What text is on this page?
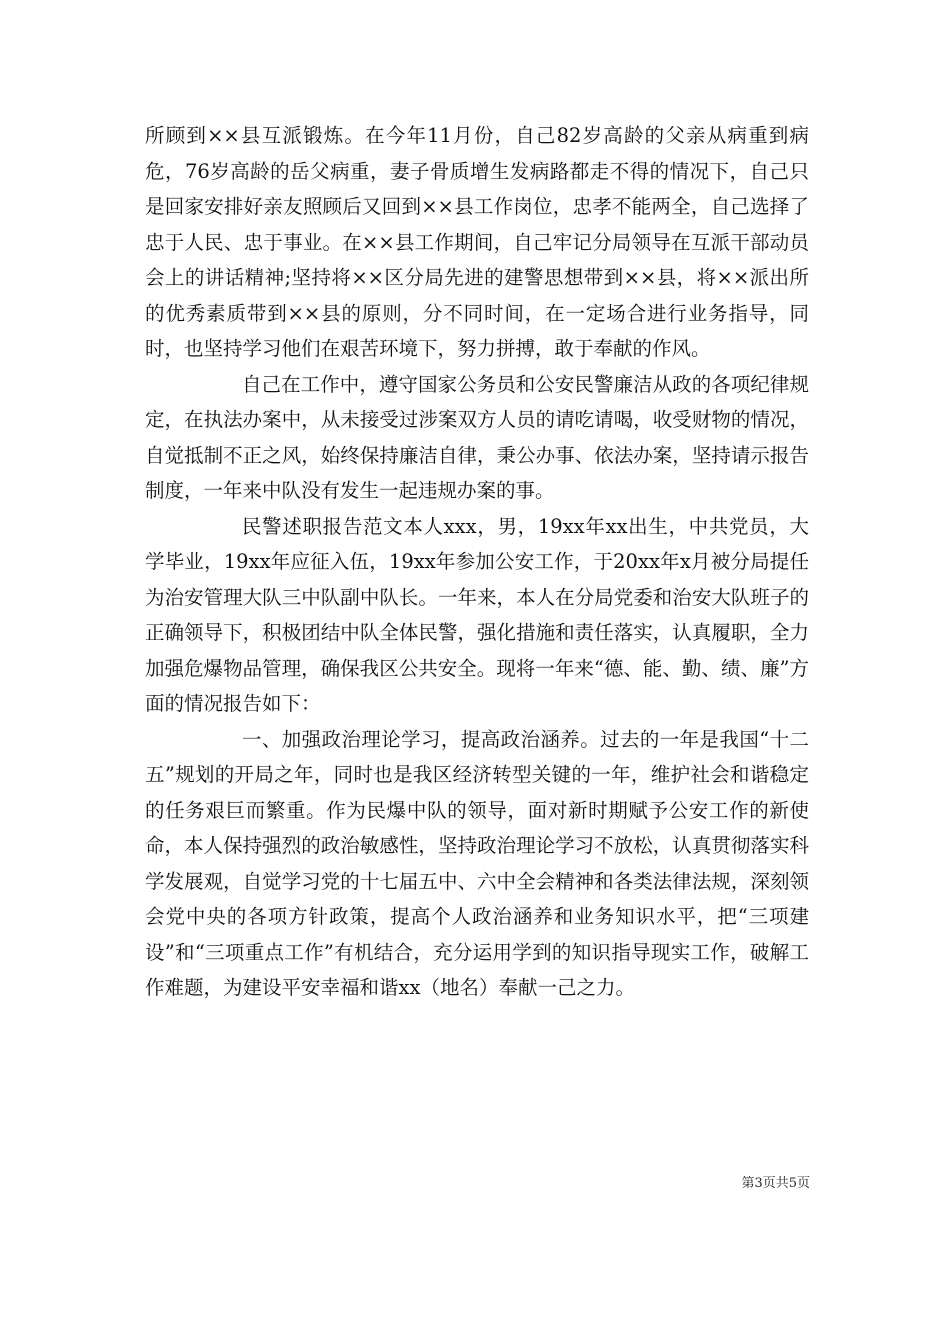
所顾到××县互派锻炼。在今年11月份，自己82岁高龄的父亲从病重到病危，76岁高龄的岳父病重，妻子骨质增生发病路都走不得的情况下，自己只是回家安排好亲友照顾后又回到××县工作岗位，忠孝不能两全，自己选择了忠于人民、忠于事业。在××县工作期间，自己牢记分局领导在互派干部动员会上的讲话精神;坚持将××区分局先进的建警思想带到××县，将××派出所的优秀素质带到××县的原则，分不同时间，在一定场合进行业务指导，同时，也坚持学习他们在艰苦环境下，努力拼搏，敢于奉献的作风。

自己在工作中，遵守国家公务员和公安民警廉洁从政的各项纪律规定，在执法办案中，从未接受过涉案双方人员的请吃请喝，收受财物的情况，自觉抵制不正之风，始终保持廉洁自律，秉公办事、依法办案，坚持请示报告制度，一年来中队没有发生一起违规办案的事。

民警述职报告范文本人xxx，男，19xx年xx出生，中共党员，大学毕业，19xx年应征入伍，19xx年参加公安工作，于20xx年x月被分局提任为治安管理大队三中队副中队长。一年来，本人在分局党委和治安大队班子的正确领导下，积极团结中队全体民警，强化措施和责任落实，认真履职，全力加强危爆物品管理，确保我区公共安全。现将一年来“德、能、勤、绩、廉”方面的情况报告如下：

一、加强政治理论学习，提高政治涵养。过去的一年是我国“十二五”规划的开局之年，同时也是我区经济转型关键的一年，维护社会和谐稳定的任务艰巨而繁重。作为民爆中队的领导，面对新时期赋予公安工作的新使命，本人保持强烈的政治敏感性，坚持政治理论学习不放松，认真贯彻落实科学发展观，自觉学习党的十七届五中、六中全会精神和各类法律法规，深刻领会党中央的各项方针政策，提高个人政治涵养和业务知识水平，把“三项建设”和“三项重点工作”有机结合，充分运用学到的知识指导现实工作，破解工作难题，为建设平安幸福和谐xx（地名）奉献一己之力。

第3页共5页
